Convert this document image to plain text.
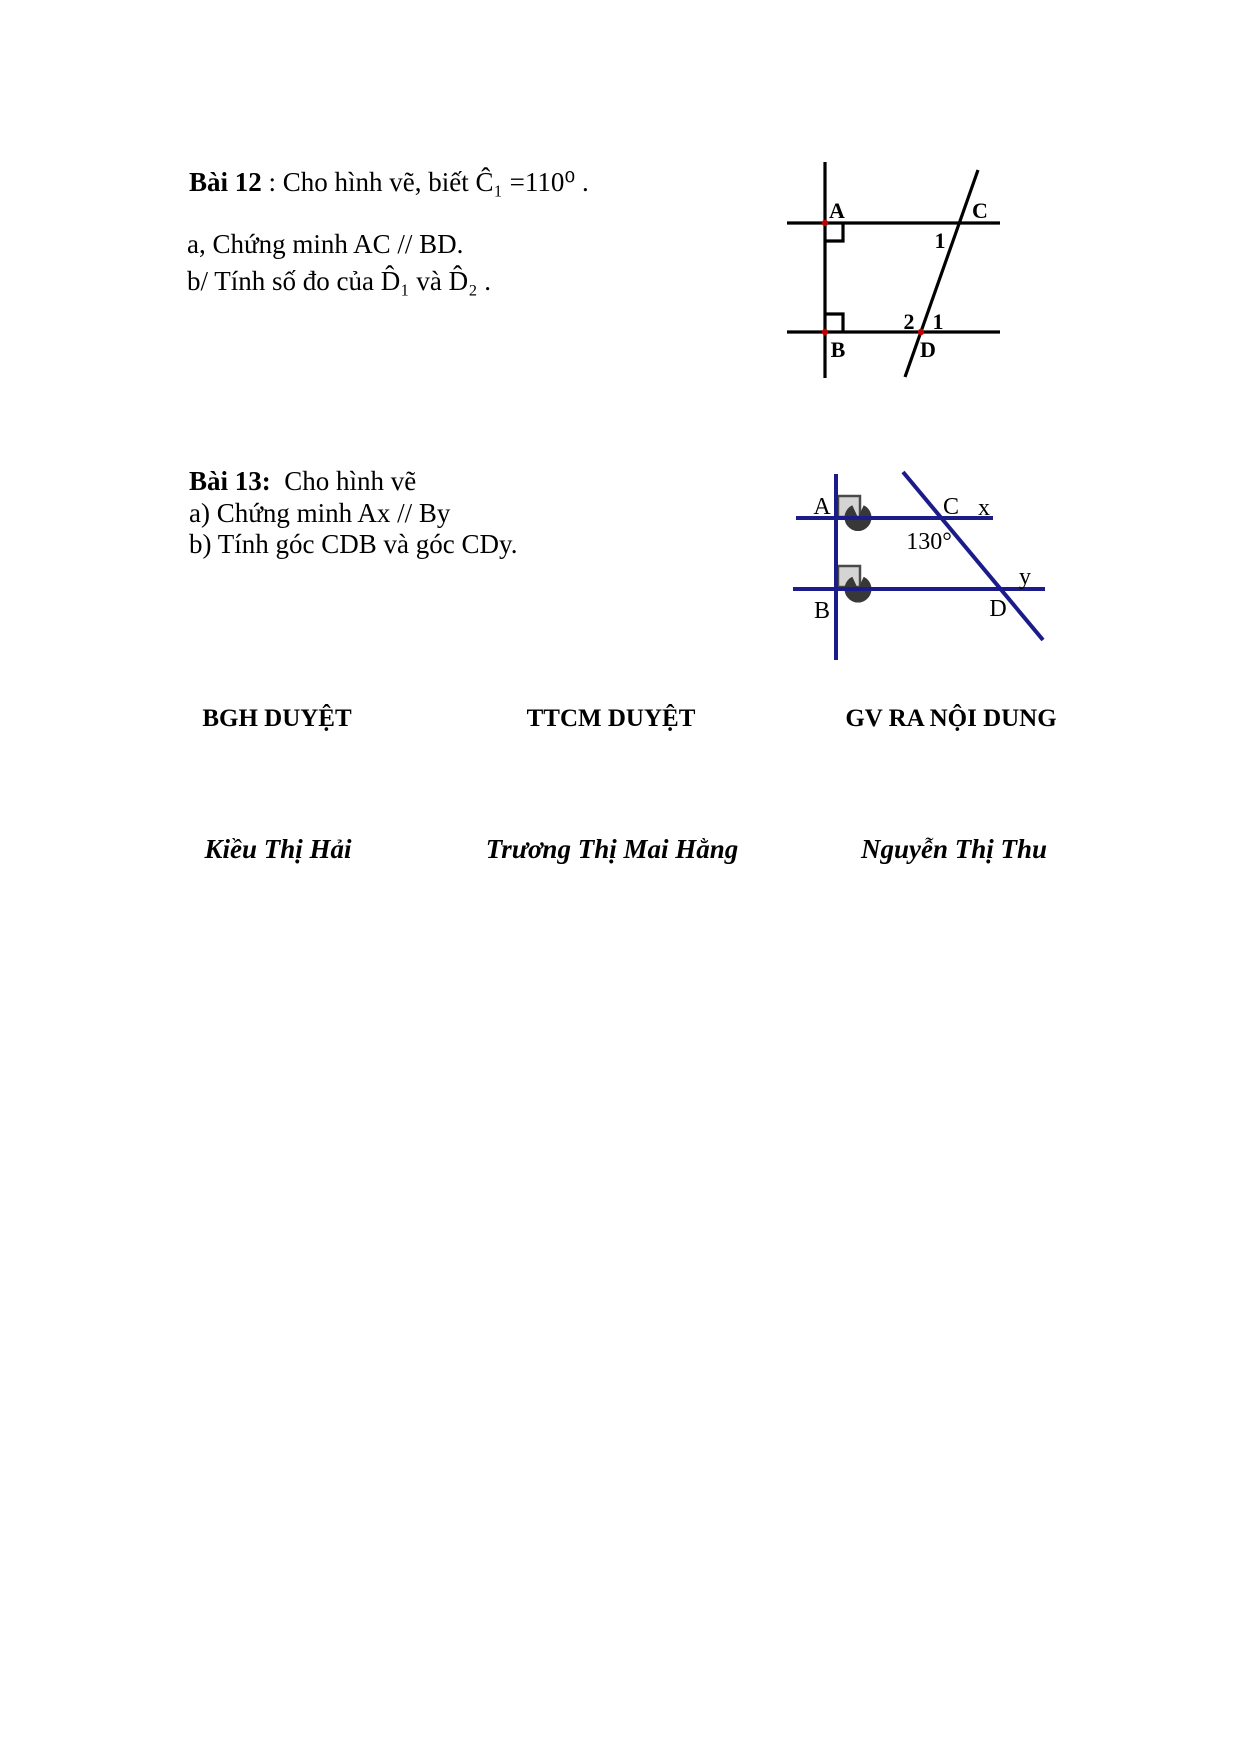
Bài 12 : Cho hình vẽ, biết Ĉ₁ =110⁰ .
a, Chứng minh AC // BD.
b/ Tính số đo của D̂₁ và D̂₂ .
A	C
B	D
1
2 1
Bài 13:  Cho hình vẽ
a) Chứng minh Ax // By
b) Tính góc CDB và góc CDy.
A
B
C x
130°
D
y
BGH DUYỆT	TTCM DUYỆT	GV RA NỘI DUNG
Kiều Thị Hải	Trương Thị Mai Hằng	Nguyễn Thị Thu
